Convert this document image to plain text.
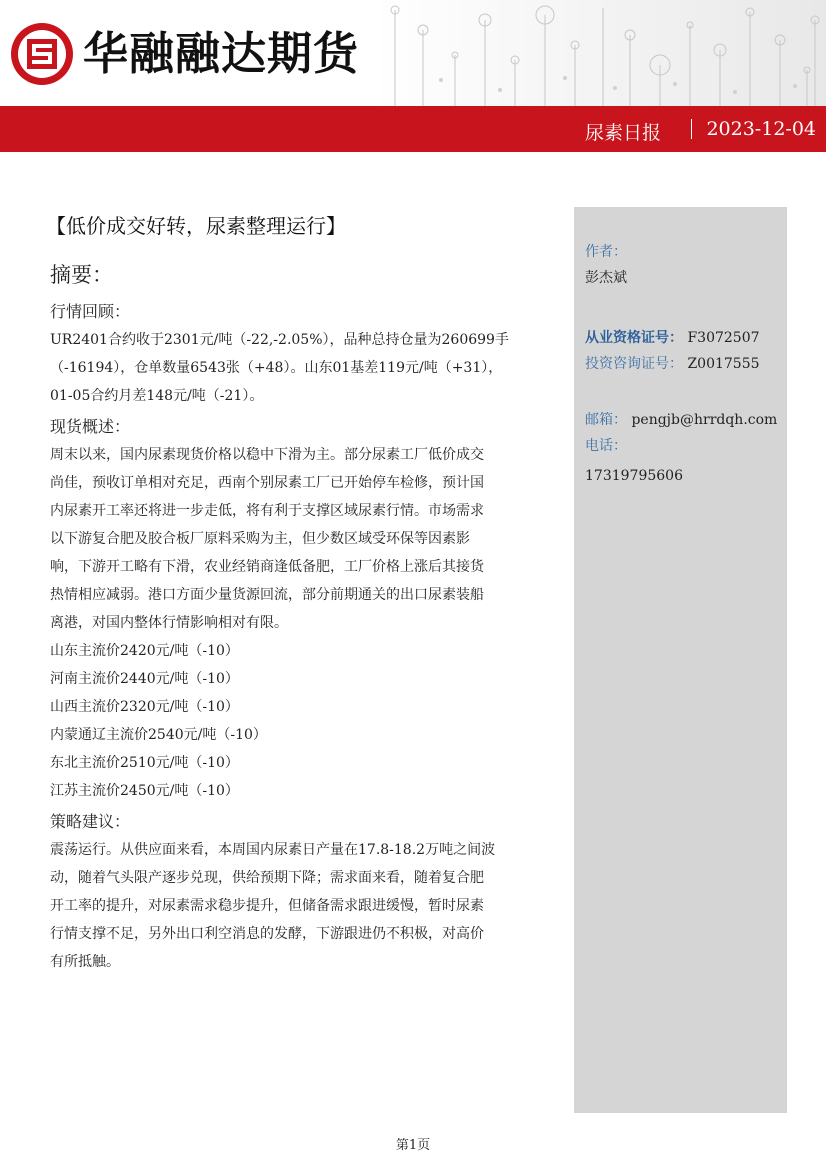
华融融达期货
尿素日报 2023-12-04
【低价成交好转，尿素整理运行】
摘要：
行情回顾：
UR2401合约收于2301元/吨（-22,-2.05%），品种总持仓量为260699手
（-16194），仓单数量6543张（+48）。山东01基差119元/吨（+31），
01-05合约月差148元/吨（-21）。
现货概述：
周末以来，国内尿素现货价格以稳中下滑为主。部分尿素工厂低价成交
尚佳，预收订单相对充足，西南个别尿素工厂已开始停车检修，预计国
内尿素开工率还将进一步走低，将有利于支撑区域尿素行情。市场需求
以下游复合肥及胶合板厂原料采购为主，但少数区域受环保等因素影
响，下游开工略有下滑，农业经销商逢低备肥，工厂价格上涨后其接货
热情相应减弱。港口方面少量货源回流，部分前期通关的出口尿素装船
离港，对国内整体行情影响相对有限。
山东主流价2420元/吨（-10）
河南主流价2440元/吨（-10）
山西主流价2320元/吨（-10）
内蒙通辽主流价2540元/吨（-10）
东北主流价2510元/吨（-10）
江苏主流价2450元/吨（-10）
策略建议：
震荡运行。从供应面来看，本周国内尿素日产量在17.8-18.2万吨之间波
动，随着气头限产逐步兑现，供给预期下降；需求面来看，随着复合肥
开工率的提升，对尿素需求稳步提升，但储备需求跟进缓慢，暂时尿素
行情支撑不足，另外出口利空消息的发酵，下游跟进仍不积极，对高价
有所抵触。
作者：
彭杰斌
从业资格证号： F3072507
投资咨询证号： Z0017555
邮箱： pengjb@hrrdqh.com
电话：
17319795606
第1页
